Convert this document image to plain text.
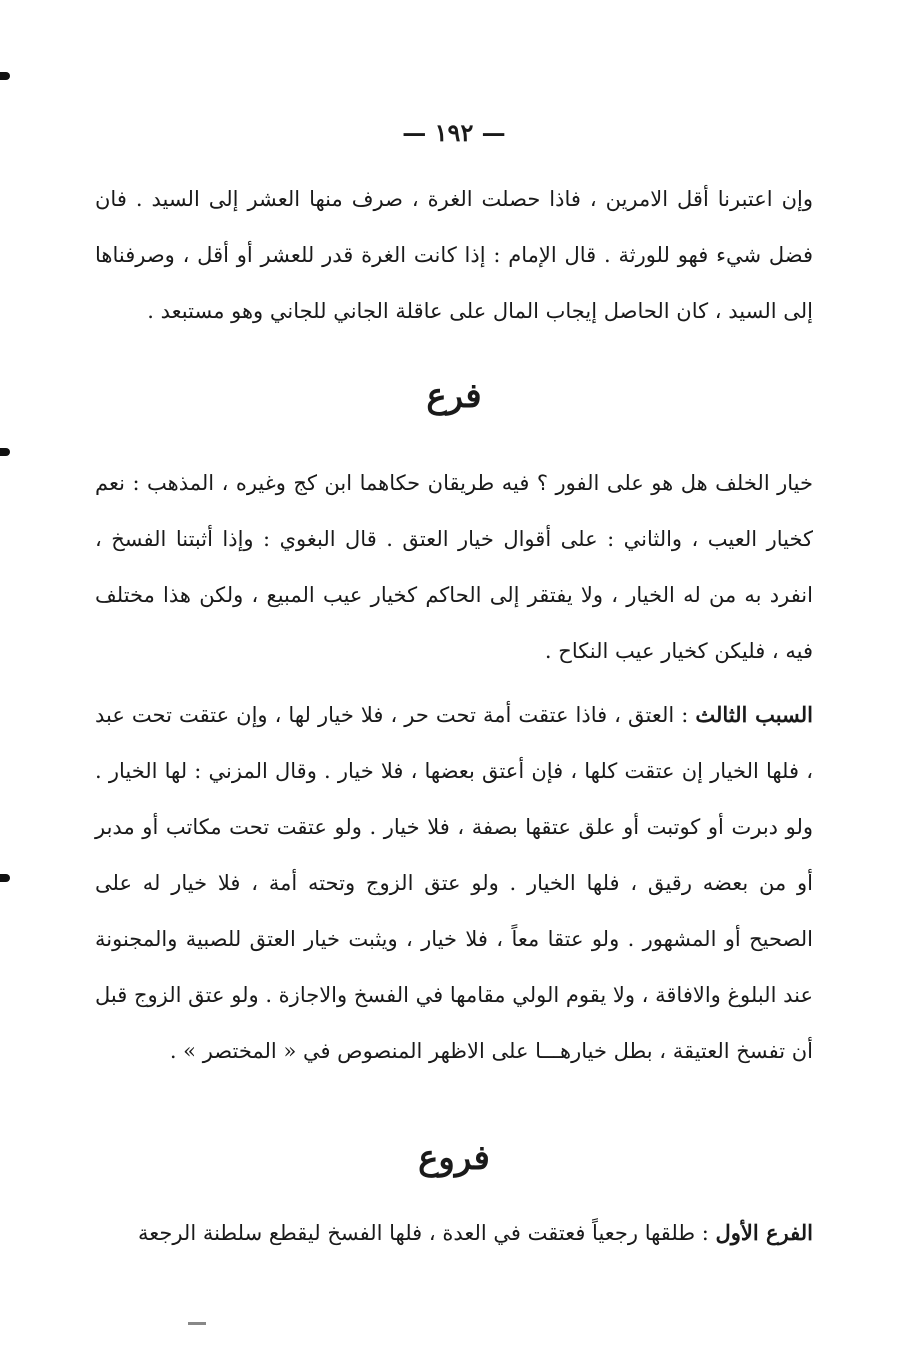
— ١٩٢ —

وإن اعتبرنا أقل الامرين ، فاذا حصلت الغرة ، صرف منها العشر إلى السيد . فان فضل شيء فهو للورثة . قال الإمام : إذا كانت الغرة قدر للعشر أو أقل ، وصرفناها إلى السيد ، كان الحاصل إيجاب المال على عاقلة الجاني للجاني وهو مستبعد .

فرع

خيار الخلف هل هو على الفور ؟ فيه طريقان حكاهما ابن كج وغيره ، المذهب : نعم كخيار العيب ، والثاني : على أقوال خيار العتق . قال البغوي : وإذا أثبتنا الفسخ ، انفرد به من له الخيار ، ولا يفتقر إلى الحاكم كخيار عيب المبيع ، ولكن هذا مختلف فيه ، فليكن كخيار عيب النكاح .

السبب الثالث : العتق ، فاذا عتقت أمة تحت حر ، فلا خيار لها ، وإن عتقت تحت عبد ، فلها الخيار إن عتقت كلها ، فإن أعتق بعضها ، فلا خيار . وقال المزني : لها الخيار . ولو دبرت أو كوتبت أو علق عتقها بصفة ، فلا خيار . ولو عتقت تحت مكاتب أو مدبر أو من بعضه رقيق ، فلها الخيار . ولو عتق الزوج وتحته أمة ، فلا خيار له على الصحيح أو المشهور . ولو عتقا معاً ، فلا خيار ، ويثبت خيار العتق للصبية والمجنونة عند البلوغ والافاقة ، ولا يقوم الولي مقامها في الفسخ والاجازة . ولو عتق الزوج قبل أن تفسخ العتيقة ، بطل خيارهـــا على الاظهر المنصوص في « المختصر » .

فروع

الفرع الأول : طلقها رجعياً فعتقت في العدة ، فلها الفسخ ليقطع سلطنة الرجعة
